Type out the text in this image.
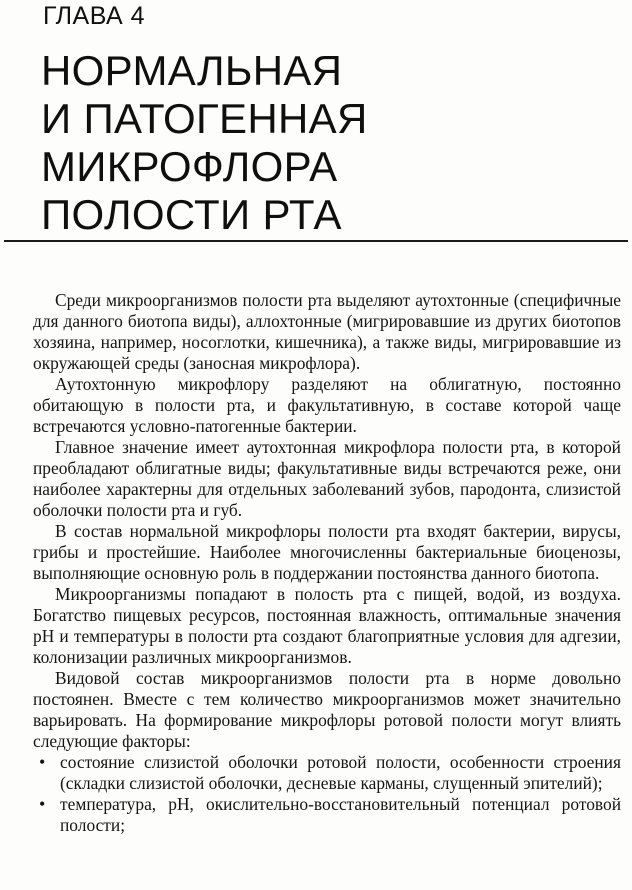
ГЛАВА 4
НОРМАЛЬНАЯ
И ПАТОГЕННАЯ
МИКРОФЛОРА
ПОЛОСТИ РТА

Среди микроорганизмов полости рта выделяют аутохтонные (специфичные для данного биотопа виды), аллохтонные (мигрировавшие из других биотопов хозяина, например, носоглотки, кишечника), а также виды, мигрировавшие из окружающей среды (заносная микрофлора).

Аутохтонную микрофлору разделяют на облигатную, постоянно обитающую в полости рта, и факультативную, в составе которой чаще встречаются условно-патогенные бактерии.

Главное значение имеет аутохтонная микрофлора полости рта, в которой преобладают облигатные виды; факультативные виды встречаются реже, они наиболее характерны для отдельных заболеваний зубов, пародонта, слизистой оболочки полости рта и губ.

В состав нормальной микрофлоры полости рта входят бактерии, вирусы, грибы и простейшие. Наиболее многочисленны бактериальные биоценозы, выполняющие основную роль в поддержании постоянства данного биотопа.

Микроорганизмы попадают в полость рта с пищей, водой, из воздуха. Богатство пищевых ресурсов, постоянная влажность, оптимальные значения pH и температуры в полости рта создают благоприятные условия для адгезии, колонизации различных микроорганизмов.

Видовой состав микроорганизмов полости рта в норме довольно постоянен. Вместе с тем количество микроорганизмов может значительно варьировать. На формирование микрофлоры ротовой полости могут влиять следующие факторы:

• состояние слизистой оболочки ротовой полости, особенности строения (складки слизистой оболочки, десневые карманы, слущенный эпителий);
• температура, pH, окислительно-восстановительный потенциал ротовой полости;
